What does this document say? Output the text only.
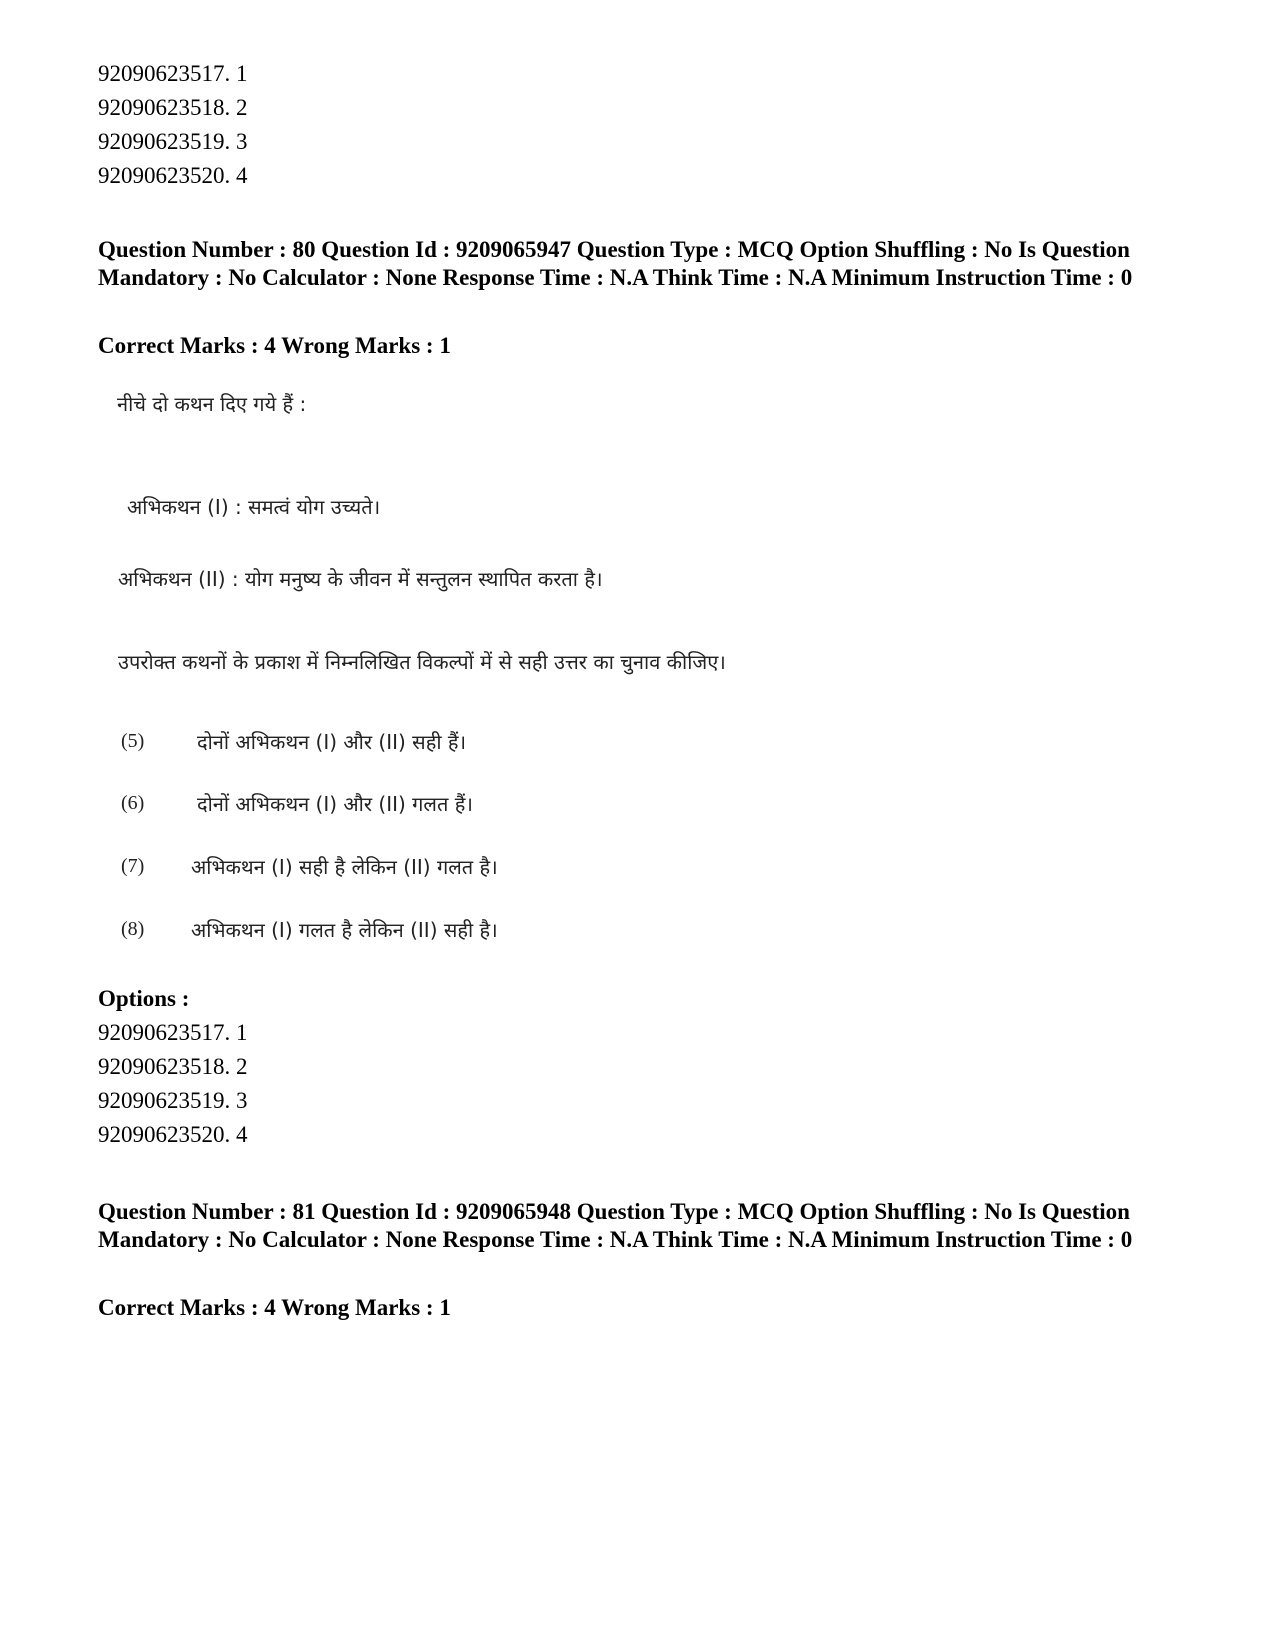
92090623517. 1
92090623518. 2
92090623519. 3
92090623520. 4
Question Number : 80 Question Id : 9209065947 Question Type : MCQ Option Shuffling : No Is Question Mandatory : No Calculator : None Response Time : N.A Think Time : N.A Minimum Instruction Time : 0
Correct Marks : 4 Wrong Marks : 1
नीचे दो कथन दिए गये हैं :
अभिकथन (I) : समत्वं योग उच्यते।
अभिकथन (II) : योग मनुष्य के जीवन में सन्तुलन स्थापित करता है।
उपरोक्त कथनों के प्रकाश में निम्नलिखित विकल्पों में से सही उत्तर का चुनाव कीजिए।
(5)	दोनों अभिकथन (I) और (II) सही हैं।
(6)	दोनों अभिकथन (I) और (II) गलत हैं।
(7) अभिकथन (I) सही है लेकिन (II) गलत है।
(8) अभिकथन (I) गलत है लेकिन (II) सही है।
Options :
92090623517. 1
92090623518. 2
92090623519. 3
92090623520. 4
Question Number : 81 Question Id : 9209065948 Question Type : MCQ Option Shuffling : No Is Question Mandatory : No Calculator : None Response Time : N.A Think Time : N.A Minimum Instruction Time : 0
Correct Marks : 4 Wrong Marks : 1
